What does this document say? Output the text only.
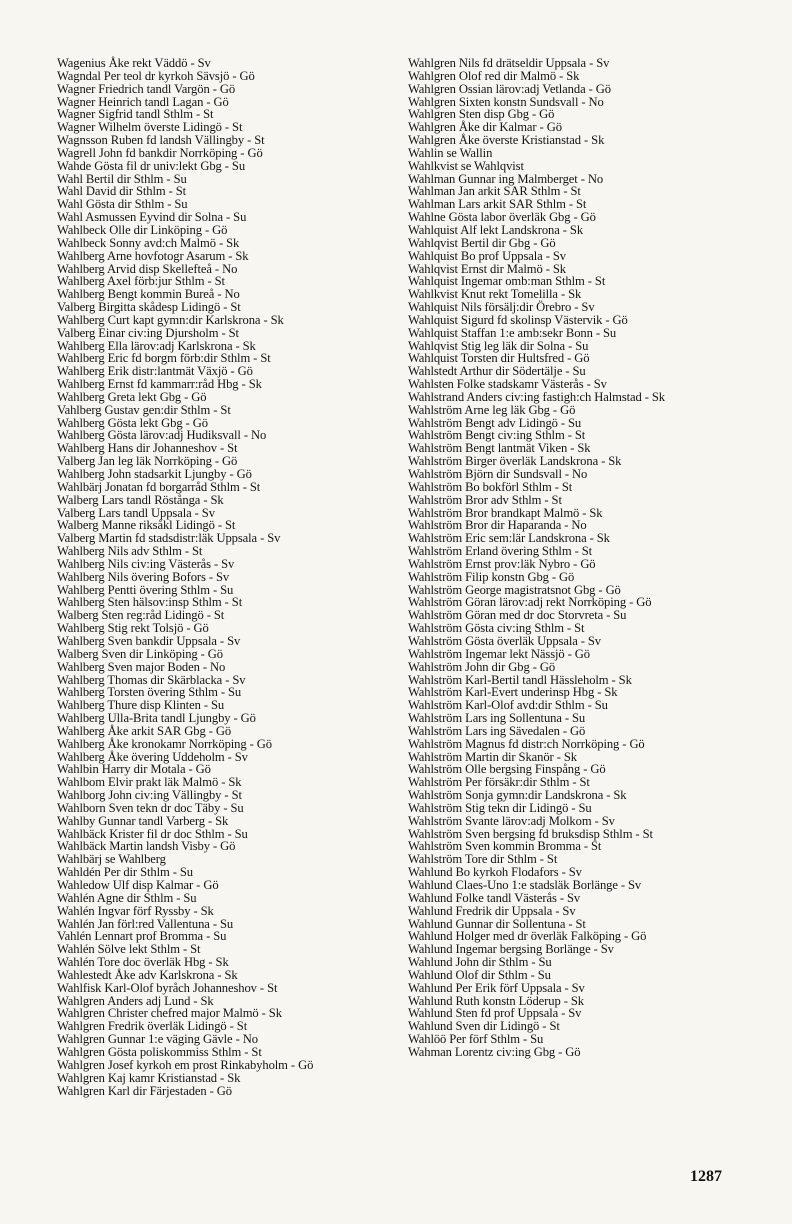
Wagenius Åke rekt Väddö - Sv
Wagndal Per teol dr kyrkoh Sävsjö - Gö
Wagner Friedrich tandl Vargön - Gö
Wagner Heinrich tandl Lagan - Gö
Wagner Sigfrid tandl Sthlm - St
Wagner Wilhelm överste Lidingö - St
Wagnsson Ruben fd landsh Vällingby - St
Wagrell John fd bankdir Norrköping - Gö
Wahde Gösta fil dr univ:lekt Gbg - Su
Wahl Bertil dir Sthlm - Su
Wahl David dir Sthlm - St
Wahl Gösta dir Sthlm - Su
Wahl Asmussen Eyvind dir Solna - Su
Wahlbeck Olle dir Linköping - Gö
Wahlbeck Sonny avd:ch Malmö - Sk
Wahlberg Arne hovfotogr Asarum - Sk
Wahlberg Arvid disp Skellefteå - No
Wahlberg Axel förb:jur Sthlm - St
Wahlberg Bengt kommin Bureå - No
Valberg Birgitta skådesp Lidingö - St
Wahlberg Curt kapt gymn:dir Karlskrona - Sk
Valberg Einar civ:ing Djursholm - St
Wahlberg Ella lärov:adj Karlskrona - Sk
Wahlberg Eric fd borgm förb:dir Sthlm - St
Wahlberg Erik distr:lantmät Växjö - Gö
Wahlberg Ernst fd kammarr:råd Hbg - Sk
Wahlberg Greta lekt Gbg - Gö
Vahlberg Gustav gen:dir Sthlm - St
Wahlberg Gösta lekt Gbg - Gö
Wahlberg Gösta lärov:adj Hudiksvall - No
Wahlberg Hans dir Johanneshov - St
Valberg Jan leg läk Norrköping - Gö
Wahlberg John stadsarkit Ljungby - Gö
Wahlbärj Jonatan fd borgarråd Sthlm - St
Walberg Lars tandl Röstånga - Sk
Valberg Lars tandl Uppsala - Sv
Walberg Manne riksåkl Lidingö - St
Valberg Martin fd stadsdistr:läk Uppsala - Sv
Wahlberg Nils adv Sthlm - St
Wahlberg Nils civ:ing Västerås - Sv
Wahlberg Nils övering Bofors - Sv
Wahlberg Pentti övering Sthlm - Su
Wahlberg Sten hälsov:insp Sthlm - St
Walberg Sten reg:råd Lidingö - St
Wahlberg Stig rekt Tolsjö - Gö
Wahlberg Sven bankdir Uppsala - Sv
Walberg Sven dir Linköping - Gö
Wahlberg Sven major Boden - No
Wahlberg Thomas dir Skärblacka - Sv
Wahlberg Torsten övering Sthlm - Su
Wahlberg Thure disp Klinten - Su
Wahlberg Ulla-Brita tandl Ljungby - Gö
Wahlberg Åke arkit SAR Gbg - Gö
Wahlberg Åke kronokamr Norrköping - Gö
Wahlberg Åke övering Uddeholm - Sv
Wahlbin Harry dir Motala - Gö
Wahlbom Elvir prakt läk Malmö - Sk
Wahlborg John civ:ing Vällingby - St
Wahlborn Sven tekn dr doc Täby - Su
Wahlby Gunnar tandl Varberg - Sk
Wahlbäck Krister fil dr doc Sthlm - Su
Wahlbäck Martin landsh Visby - Gö
Wahlbärj se Wahlberg
Wahldén Per dir Sthlm - Su
Wahledow Ulf disp Kalmar - Gö
Wahlén Agne dir Sthlm - Su
Wahlén Ingvar förf Ryssby - Sk
Wahlén Jan förl:red Vallentuna - Su
Vahlén Lennart prof Bromma - Su
Wahlén Sölve lekt Sthlm - St
Wahlén Tore doc överläk Hbg - Sk
Wahlestedt Åke adv Karlskrona - Sk
Wahlfisk Karl-Olof byråch Johanneshov - St
Wahlgren Anders adj Lund - Sk
Wahlgren Christer chefred major Malmö - Sk
Wahlgren Fredrik överläk Lidingö - St
Wahlgren Gunnar 1:e väging Gävle - No
Wahlgren Gösta poliskommiss Sthlm - St
Wahlgren Josef kyrkoh em prost Rinkabyholm - Gö
Wahlgren Kaj kamr Kristianstad - Sk
Wahlgren Karl dir Färjestaden - Gö
Wahlgren Nils fd drätseldir Uppsala - Sv
Wahlgren Olof red dir Malmö - Sk
Wahlgren Ossian lärov:adj Vetlanda - Gö
Wahlgren Sixten konstn Sundsvall - No
Wahlgren Sten disp Gbg - Gö
Wahlgren Åke dir Kalmar - Gö
Wahlgren Åke överste Kristianstad - Sk
Wahlin se Wallin
Wahlkvist se Wahlqvist
Wahlman Gunnar ing Malmberget - No
Wahlman Jan arkit SAR Sthlm - St
Wahlman Lars arkit SAR Sthlm - St
Wahlne Gösta labor överläk Gbg - Gö
Wahlquist Alf lekt Landskrona - Sk
Wahlqvist Bertil dir Gbg - Gö
Wahlquist Bo prof Uppsala - Sv
Wahlqvist Ernst dir Malmö - Sk
Wahlquist Ingemar omb:man Sthlm - St
Wahlkvist Knut rekt Tomelilla - Sk
Wahlquist Nils försälj:dir Örebro - Sv
Wahlquist Sigurd fd skolinsp Västervik - Gö
Wahlquist Staffan 1:e amb:sekr Bonn - Su
Wahlqvist Stig leg läk dir Solna - Su
Wahlquist Torsten dir Hultsfred - Gö
Wahlstedt Arthur dir Södertälje - Su
Wahlsten Folke stadskamr Västerås - Sv
Wahlstrand Anders civ:ing fastigh:ch Halmstad - Sk
Wahlström Arne leg läk Gbg - Gö
Wahlström Bengt adv Lidingö - Su
Wahlström Bengt civ:ing Sthlm - St
Wahlström Bengt lantmät Viken - Sk
Wahlström Birger överläk Landskrona - Sk
Wahlström Björn dir Sundsvall - No
Wahlström Bo bokförl Sthlm - St
Wahlström Bror adv Sthlm - St
Wahlström Bror brandkapt Malmö - Sk
Wahlström Bror dir Haparanda - No
Wahlström Eric sem:lär Landskrona - Sk
Wahlström Erland övering Sthlm - St
Wahlström Ernst prov:läk Nybro - Gö
Wahlström Filip konstn Gbg - Gö
Wahlström George magistratsnot Gbg - Gö
Wahlström Göran lärov:adj rekt Norrköping - Gö
Wahlström Göran med dr doc Storvreta - Su
Wahlström Gösta civ:ing Sthlm - St
Wahlström Gösta överläk Uppsala - Sv
Wahlström Ingemar lekt Nässjö - Gö
Wahlström John dir Gbg - Gö
Wahlström Karl-Bertil tandl Hässleholm - Sk
Wahlström Karl-Evert underinsp Hbg - Sk
Wahlström Karl-Olof avd:dir Sthlm - Su
Wahlström Lars ing Sollentuna - Su
Wahlström Lars ing Sävedalen - Gö
Wahlström Magnus fd distr:ch Norrköping - Gö
Wahlström Martin dir Skanör - Sk
Wahlström Olle bergsing Finspång - Gö
Wahlström Per försäkr:dir Sthlm - St
Wahlström Sonja gymn:dir Landskrona - Sk
Wahlström Stig tekn dir Lidingö - Su
Wahlström Svante lärov:adj Molkom - Sv
Wahlström Sven bergsing fd bruksdisp Sthlm - St
Wahlström Sven kommin Bromma - St
Wahlström Tore dir Sthlm - St
Wahlund Bo kyrkoh Flodafors - Sv
Wahlund Claes-Uno 1:e stadsläk Borlänge - Sv
Wahlund Folke tandl Västerås - Sv
Wahlund Fredrik dir Uppsala - Sv
Wahlund Gunnar dir Sollentuna - St
Wahlund Holger med dr överläk Falköping - Gö
Wahlund Ingemar bergsing Borlänge - Sv
Wahlund John dir Sthlm - Su
Wahlund Olof dir Sthlm - Su
Wahlund Per Erik förf Uppsala - Sv
Wahlund Ruth konstn Löderup - Sk
Wahlund Sten fd prof Uppsala - Sv
Wahlund Sven dir Lidingö - St
Wahlöö Per förf Sthlm - Su
Wahman Lorentz civ:ing Gbg - Gö
1287
